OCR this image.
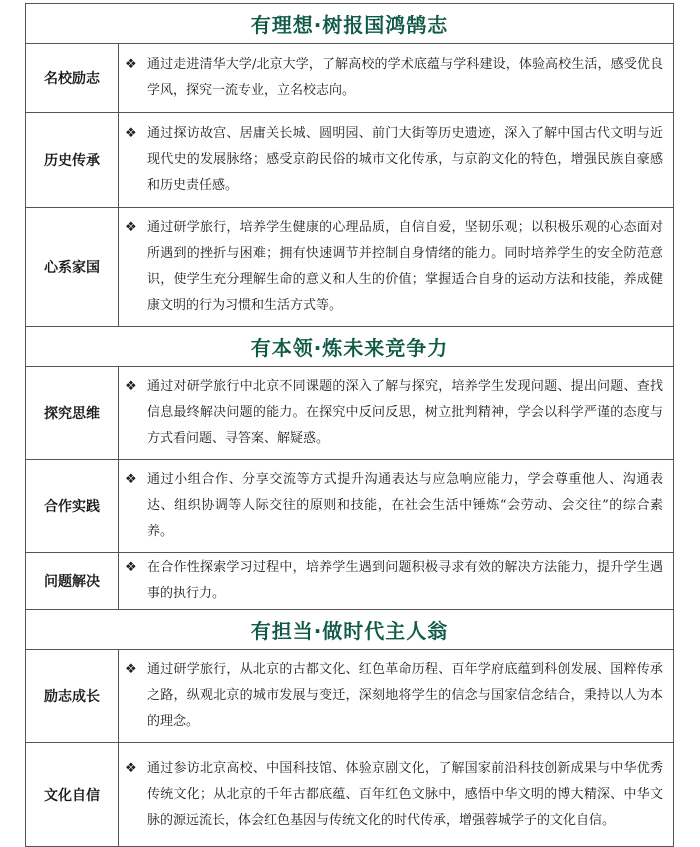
有理想·树报国鸿鹄志	
名校励志	❖ 通过走进清华大学/北京大学，了解高校的学术底蕴与学科建设，体验高校生活，感受优良学风，探究一流专业，立名校志向。

历史传承	❖ 通过探访故宫、居庸关长城、圆明园、前门大街等历史遗迹，深入了解中国古代文明与近现代史的发展脉络；感受京韵民俗的城市文化传承，与京韵文化的特色，增强民族自豪感和历史责任感。

心系家国	❖ 通过研学旅行，培养学生健康的心理品质，自信自爱，坚韧乐观；以积极乐观的心态面对所遇到的挫折与困难；拥有快速调节并控制自身情绪的能力。同时培养学生的安全防范意识，使学生充分理解生命的意义和人生的价值；掌握适合自身的运动方法和技能，养成健康文明的行为习惯和生活方式等。

有本领·炼未来竞争力	
探究思维	❖ 通过对研学旅行中北京不同课题的深入了解与探究，培养学生发现问题、提出问题、查找信息最终解决问题的能力。在探究中反问反思，树立批判精神，学会以科学严谨的态度与方式看问题、寻答案、解疑惑。

合作实践	❖ 通过小组合作、分享交流等方式提升沟通表达与应急响应能力，学会尊重他人、沟通表达、组织协调等人际交往的原则和技能，在社会生活中锤炼“会劳动、会交往”的综合素养。

问题解决	❖ 在合作性探索学习过程中，培养学生遇到问题积极寻求有效的解决方法能力，提升学生遇事的执行力。

有担当·做时代主人翁	
励志成长	❖ 通过研学旅行，从北京的古都文化、红色革命历程、百年学府底蕴到科创发展、国粹传承之路，纵观北京的城市发展与变迁，深刻地将学生的信念与国家信念结合，秉持以人为本的理念。

文化自信	❖ 通过参访北京高校、中国科技馆、体验京剧文化，了解国家前沿科技创新成果与中华优秀传统文化；从北京的千年古都底蕴、百年红色文脉中，感悟中华文明的博大精深、中华文脉的源远流长，体会红色基因与传统文化的时代传承，增强蓉城学子的文化自信。
